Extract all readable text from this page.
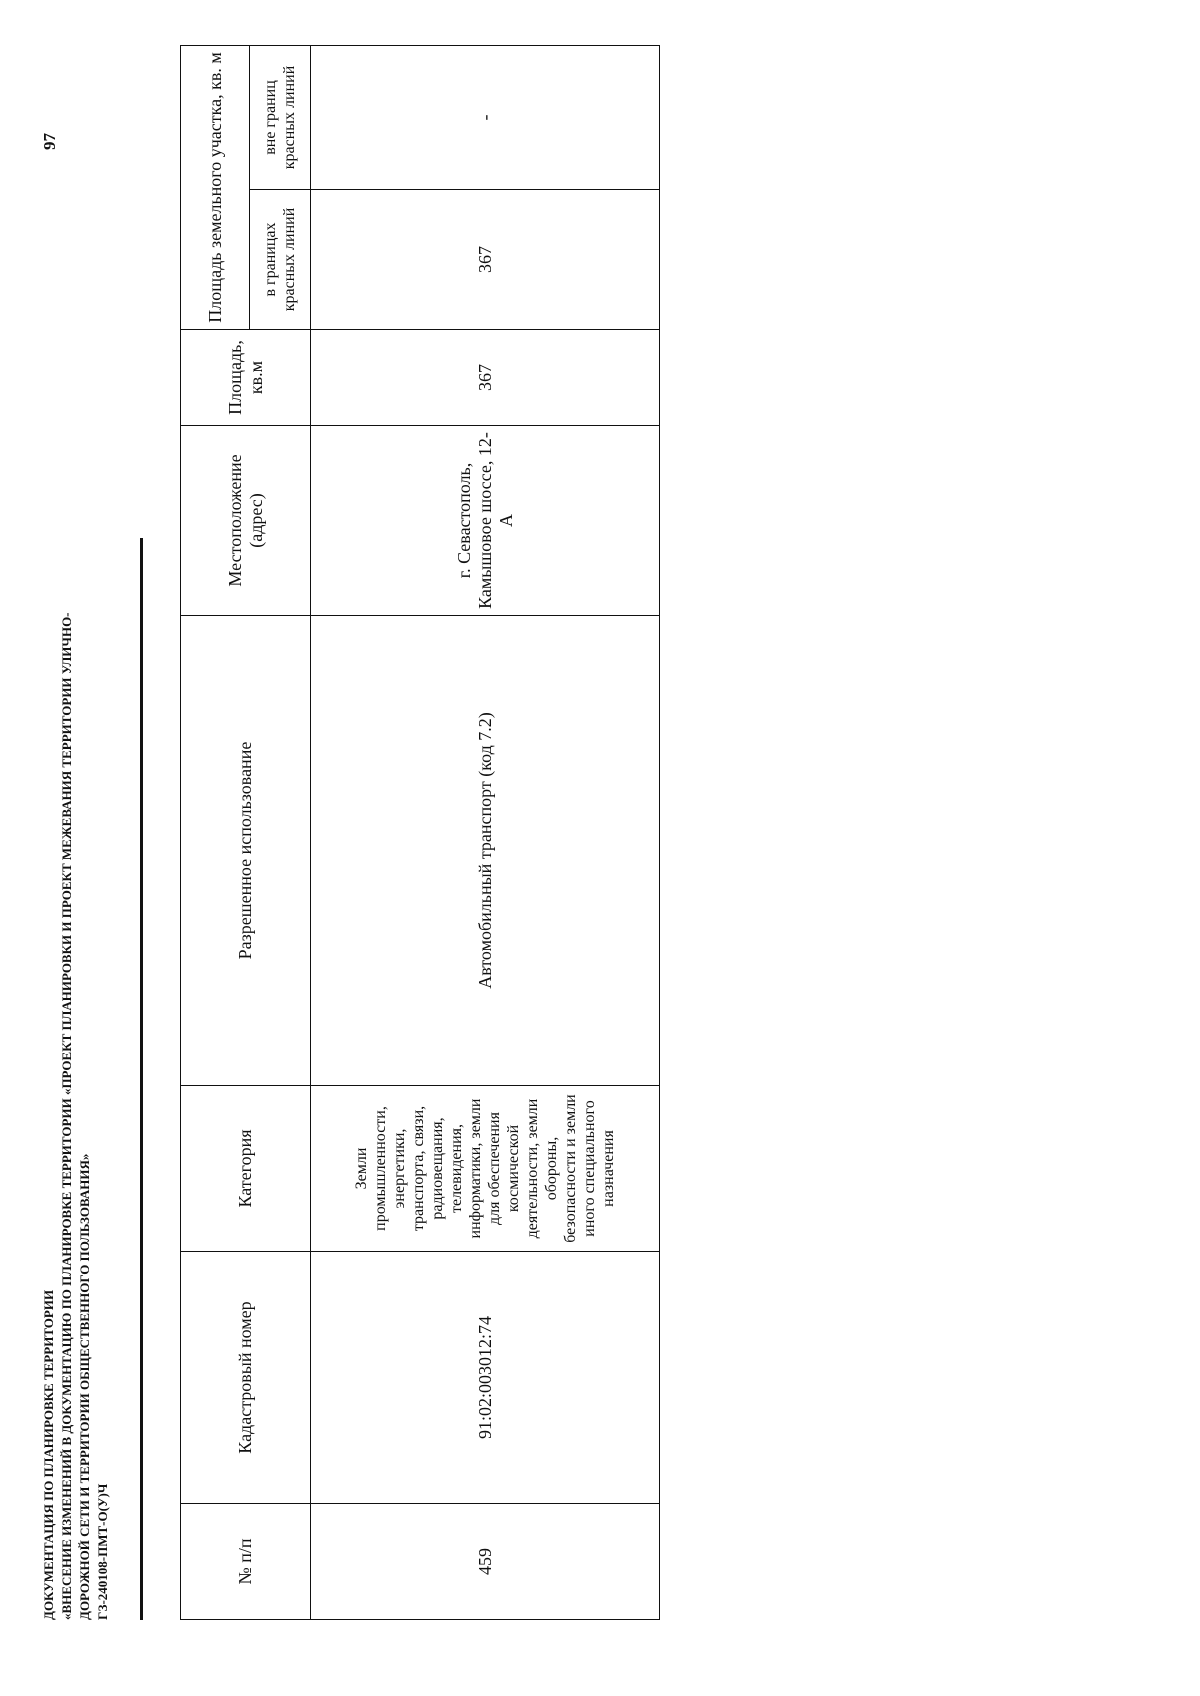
ДОКУМЕНТАЦИЯ ПО ПЛАНИРОВКЕ ТЕРРИТОРИИ «ВНЕСЕНИЕ ИЗМЕНЕНИЙ В ДОКУМЕНТАЦИЮ ПО ПЛАНИРОВКЕ ТЕРРИТОРИИ «ПРОЕКТ ПЛАНИРОВКИ И ПРОЕКТ МЕЖЕВАНИЯ ТЕРРИТОРИИ УЛИЧНО- ДОРОЖНОЙ СЕТИ И ТЕРРИТОРИИ ОБЩЕСТВЕННОГО ПОЛЬЗОВАНИЯ» ГЗ-240108-ПМТ-О(У)Ч
97
№ п/п	Кадастровый номер	Категория	Разрешенное использование	Местоположение (адрес)	Площадь, кв.м	Площадь земельного участка, кв. м	
						в границах красных линий	вне границ красных линий
459	91:02:003012:74	Земли промышленности, энергетики, транспорта, связи, радиовещания, телевидения, информатики, земли для обеспечения космической деятельности, земли обороны, безопасности и земли иного специального назначения	Автомобильный транспорт (код 7.2)	г. Севастополь, Камышовое шоссе, 12-А	367	367	-
